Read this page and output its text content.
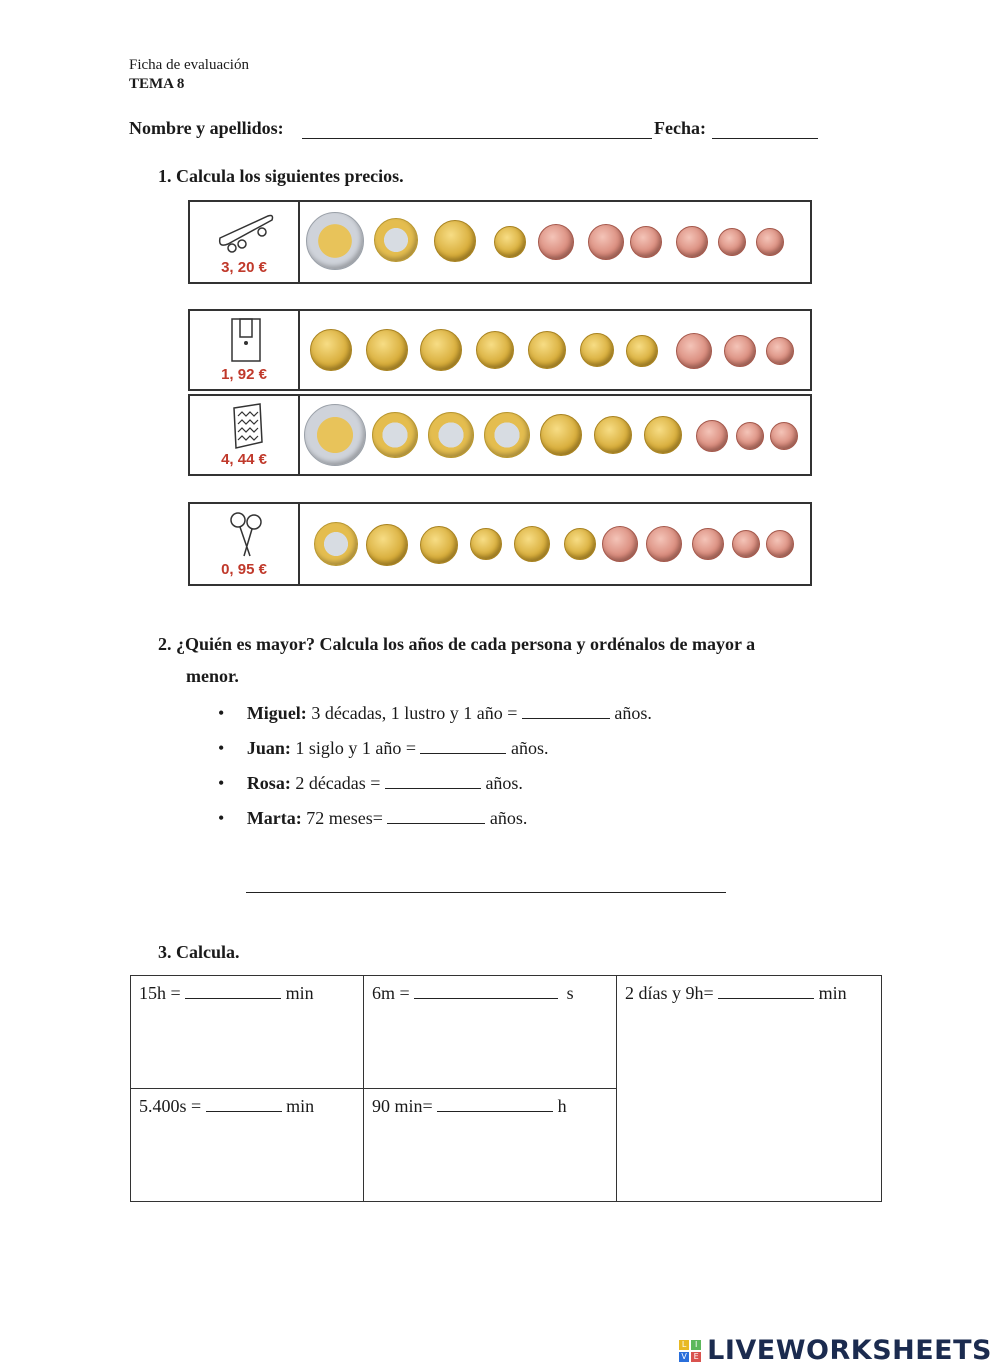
Ficha de evaluación
TEMA 8
Nombre y apellidos:	Fecha:
1. Calcula los siguientes precios.
3, 20 €
1, 92 €
4, 44 €
0, 95 €
2. ¿Quién es mayor? Calcula los años de cada persona y ordénalos de mayor a
menor.
• Miguel: 3 décadas, 1 lustro y 1 año =	años.
• Juan: 1 siglo y 1 año =	años.
• Rosa: 2 décadas =	años.
• Marta: 72 meses=	años.
3. Calcula.
15h = min	6m = s	2 días y 9h= min
5.400s = min	90 min= h	
L	I
V E LIVEWORKSHEETS
